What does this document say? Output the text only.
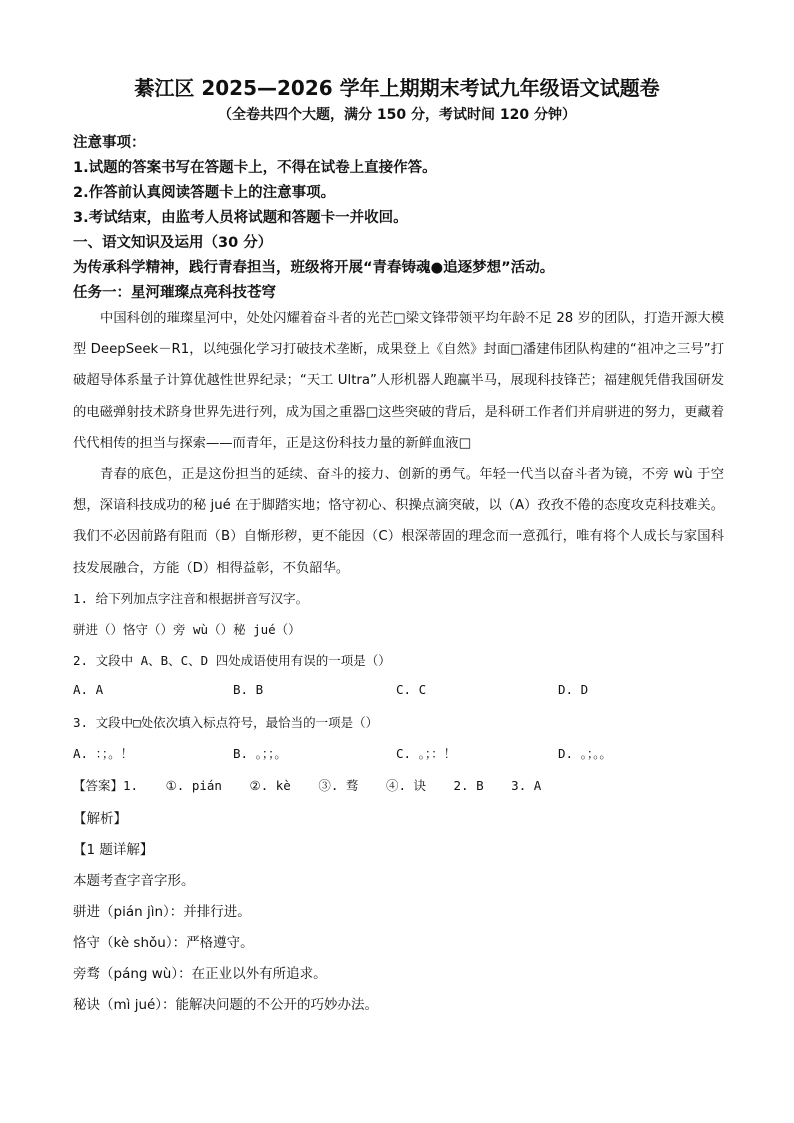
綦江区 2025—2026 学年上期期末考试九年级语文试题卷
（全卷共四个大题，满分 150 分，考试时间 120 分钟）
注意事项：
1.试题的答案书写在答题卡上，不得在试卷上直接作答。
2.作答前认真阅读答题卡上的注意事项。
3.考试结束，由监考人员将试题和答题卡一并收回。
一、语文知识及运用（30 分）
为传承科学精神，践行青春担当，班级将开展“青春铸魂●追逐梦想”活动。
任务一：星河璀璨点亮科技苍穹

中国科创的璀璨星河中，处处闪耀着奋斗者的光芒□梁文锋带领平均年龄不足 28 岁的团队，打造开源大模型 DeepSeek－R1，以纯强化学习打破技术垄断，成果登上《自然》封面□潘建伟团队构建的“祖冲之三号”打破超导体系量子计算优越性世界纪录；“天工 Ultra”人形机器人跑赢半马，展现科技锋芒；福建舰凭借我国研发的电磁弹射技术跻身世界先进行列，成为国之重器□这些突破的背后，是科研工作者们并肩骈进的努力，更藏着代代相传的担当与探索——而青年，正是这份科技力量的新鲜血液□

青春的底色，正是这份担当的延续、奋斗的接力、创新的勇气。年轻一代当以奋斗者为镜，不旁 wù 于空想，深谙科技成功的秘 jué 在于脚踏实地；恪守初心、积操点滴突破，以（A）孜孜不倦的态度攻克科技难关。我们不必因前路有阻而（B）自惭形秽，更不能因（C）根深蒂固的理念而一意孤行，唯有将个人成长与家国科技发展融合，方能（D）相得益彰，不负韶华。

1. 给下列加点字注音和根据拼音写汉字。
骈进（）恪守（）旁 wù（）秘 jué（）
2. 文段中 A、B、C、D 四处成语使用有误的一项是（）
A. A	B. B	C. C	D. D
3. 文段中□处依次填入标点符号，最恰当的一项是（）
A. ：；。！	B. 。；；。	C. 。；：！	D. 。；。。
【答案】1. ①. pián ②. kè ③. 骛 ④. 诀 2. B 3. A
【解析】
【1 题详解】
本题考查字音字形。
骈进（pián jìn）：并排行进。
恪守（kè shǒu）：严格遵守。
旁骛（páng wù）：在正业以外有所追求。
秘诀（mì jué）：能解决问题的不公开的巧妙办法。
